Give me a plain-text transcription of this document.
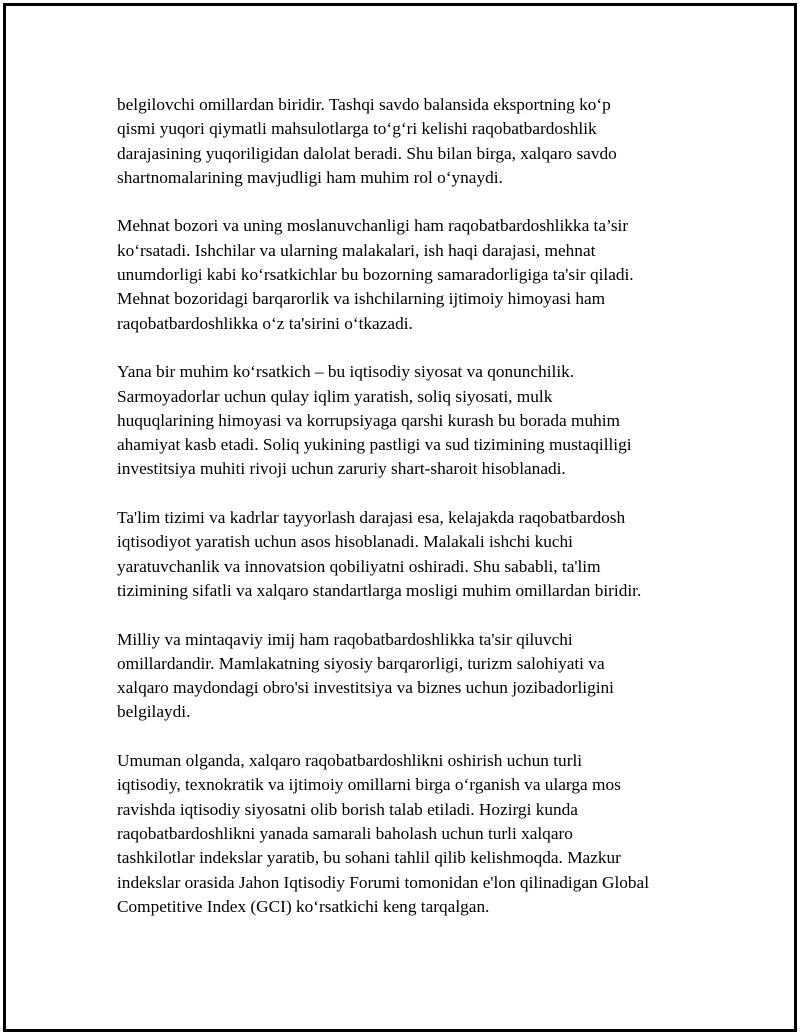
belgilovchi omillardan biridir. Tashqi savdo balansida eksportning ko‘p
qismi yuqori qiymatli mahsulotlarga to‘g‘ri kelishi raqobatbardoshlik
darajasining yuqoriligidan dalolat beradi. Shu bilan birga, xalqaro savdo
shartnomalarining mavjudligi ham muhim rol o‘ynaydi.

Mehnat bozori va uning moslanuvchanligi ham raqobatbardoshlikka ta’sir
ko‘rsatadi. Ishchilar va ularning malakalari, ish haqi darajasi, mehnat
unumdorligi kabi ko‘rsatkichlar bu bozorning samaradorligiga ta'sir qiladi.
Mehnat bozoridagi barqarorlik va ishchilarning ijtimoiy himoyasi ham
raqobatbardoshlikka o‘z ta'sirini o‘tkazadi.

Yana bir muhim ko‘rsatkich – bu iqtisodiy siyosat va qonunchilik.
Sarmoyadorlar uchun qulay iqlim yaratish, soliq siyosati, mulk
huquqlarining himoyasi va korrupsiyaga qarshi kurash bu borada muhim
ahamiyat kasb etadi. Soliq yukining pastligi va sud tizimining mustaqilligi
investitsiya muhiti rivoji uchun zaruriy shart-sharoit hisoblanadi.

Ta'lim tizimi va kadrlar tayyorlash darajasi esa, kelajakda raqobatbardosh
iqtisodiyot yaratish uchun asos hisoblanadi. Malakali ishchi kuchi
yaratuvchanlik va innovatsion qobiliyatni oshiradi. Shu sababli, ta'lim
tizimining sifatli va xalqaro standartlarga mosligi muhim omillardan biridir.

Milliy va mintaqaviy imij ham raqobatbardoshlikka ta'sir qiluvchi
omillardandir. Mamlakatning siyosiy barqarorligi, turizm salohiyati va
xalqaro maydondagi obro'si investitsiya va biznes uchun jozibadorligini
belgilaydi.

Umuman olganda, xalqaro raqobatbardoshlikni oshirish uchun turli
iqtisodiy, texnokratik va ijtimoiy omillarni birga o‘rganish va ularga mos
ravishda iqtisodiy siyosatni olib borish talab etiladi. Hozirgi kunda
raqobatbardoshlikni yanada samarali baholash uchun turli xalqaro
tashkilotlar indekslar yaratib, bu sohani tahlil qilib kelishmoqda. Mazkur
indekslar orasida Jahon Iqtisodiy Forumi tomonidan e'lon qilinadigan Global
Competitive Index (GCI) ko‘rsatkichi keng tarqalgan.
